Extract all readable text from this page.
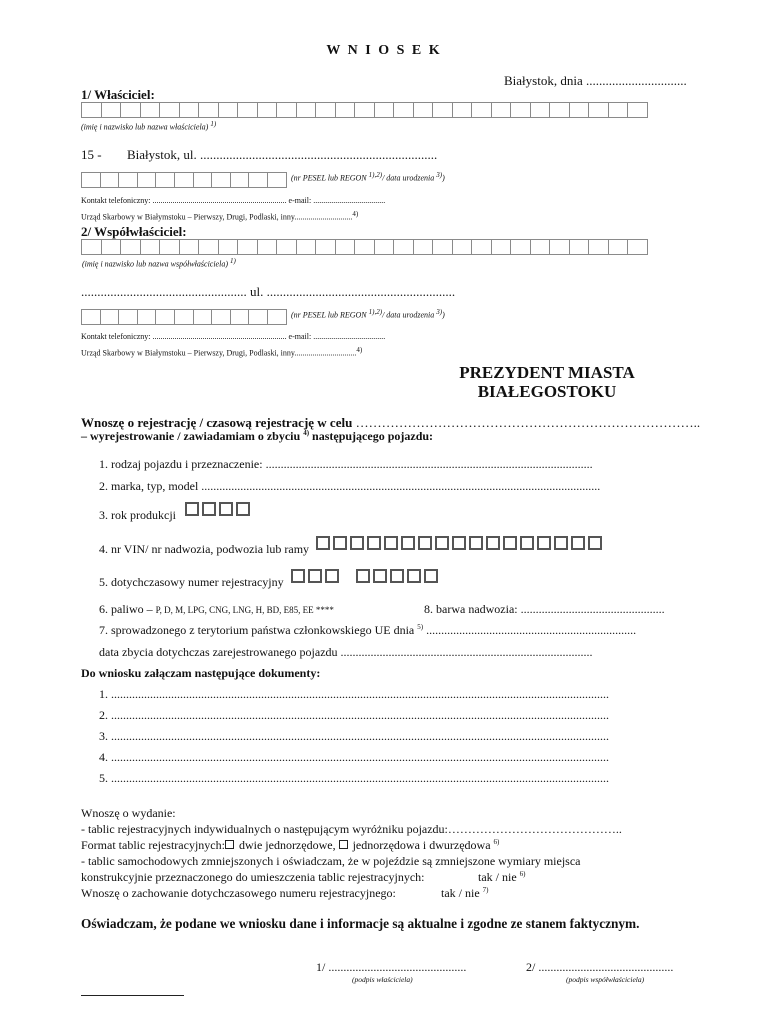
W N I O S E K
Białystok, dnia ...............................
1/ Właściciel:
(imię i nazwisko lub nazwa właściciela) $^{1)}$
15 - Białystok, ul. .........................................................................
(nr PESEL lub REGON $^{1),2)}$/ data urodzenia $^{3)}$)
Kontakt telefoniczny: ................................................................... e-mail: ....................................
Urząd Skarbowy w Białymstoku – Pierwszy, Drugi, Podlaski, inny.............................$^{4)}$
2/ Współwłaściciel:
(imię i nazwisko lub nazwa współwłaściciela) $^{1)}$
................................................... ul. ..........................................................
(nr PESEL lub REGON $^{1),2)}$/ data urodzenia $^{3)}$)
Kontakt telefoniczny: ................................................................... e-mail: ....................................
Urząd Skarbowy w Białymstoku – Pierwszy, Drugi, Podlaski, inny...............................$^{4)}$
PREZYDENT MIASTA
BIAŁEGOSTOKU
Wnoszę o rejestrację / czasową rejestrację w celu ……………………………………………………………………..
– wyrejestrowanie / zawiadamiam o zbyciu $^{4)}$ następującego pojazdu:
1. rodzaj pojazdu i przeznaczenie: .............................................................................................................
2. marka, typ, model .....................................................................................................................................
3. rok produkcji
4. nr VIN/ nr nadwozia, podwozia lub ramy
5. dotychczasowy numer rejestracyjny
6. paliwo – P, D, M, LPG, CNG, LNG, H, BD, E85, EE ****	8. barwa nadwozia: ................................................
7. sprowadzonego z terytorium państwa członkowskiego UE dnia $^{5)}$ ......................................................................
data zbycia dotychczas zarejestrowanego pojazdu ....................................................................................
Do wniosku załączam następujące dokumenty:
1. ......................................................................................................................................................................
2. ......................................................................................................................................................................
3. ......................................................................................................................................................................
4. ......................................................................................................................................................................
5. ......................................................................................................................................................................
Wnoszę o wydanie:
- tablic rejestracyjnych indywidualnych o następującym wyróżniku pojazdu:……………………………………..
Format tablic rejestracyjnych: dwie jednorzędowe,  jednorzędowa i dwurzędowa $^{6)}$
- tablic samochodowych zmniejszonych i oświadczam, że w pojeździe są zmniejszone wymiary miejsca
konstrukcyjnie przeznaczonego do umieszczenia tablic rejestracyjnych:	tak / nie $^{6)}$
Wnoszę o zachowanie dotychczasowego numeru rejestracyjnego:	tak / nie $^{7)}$
Oświadczam, że podane we wniosku dane i informacje są aktualne i zgodne ze stanem faktycznym.
1/ ..............................................
(podpis właściciela)
2/ .............................................
(podpis współwłaściciela)
